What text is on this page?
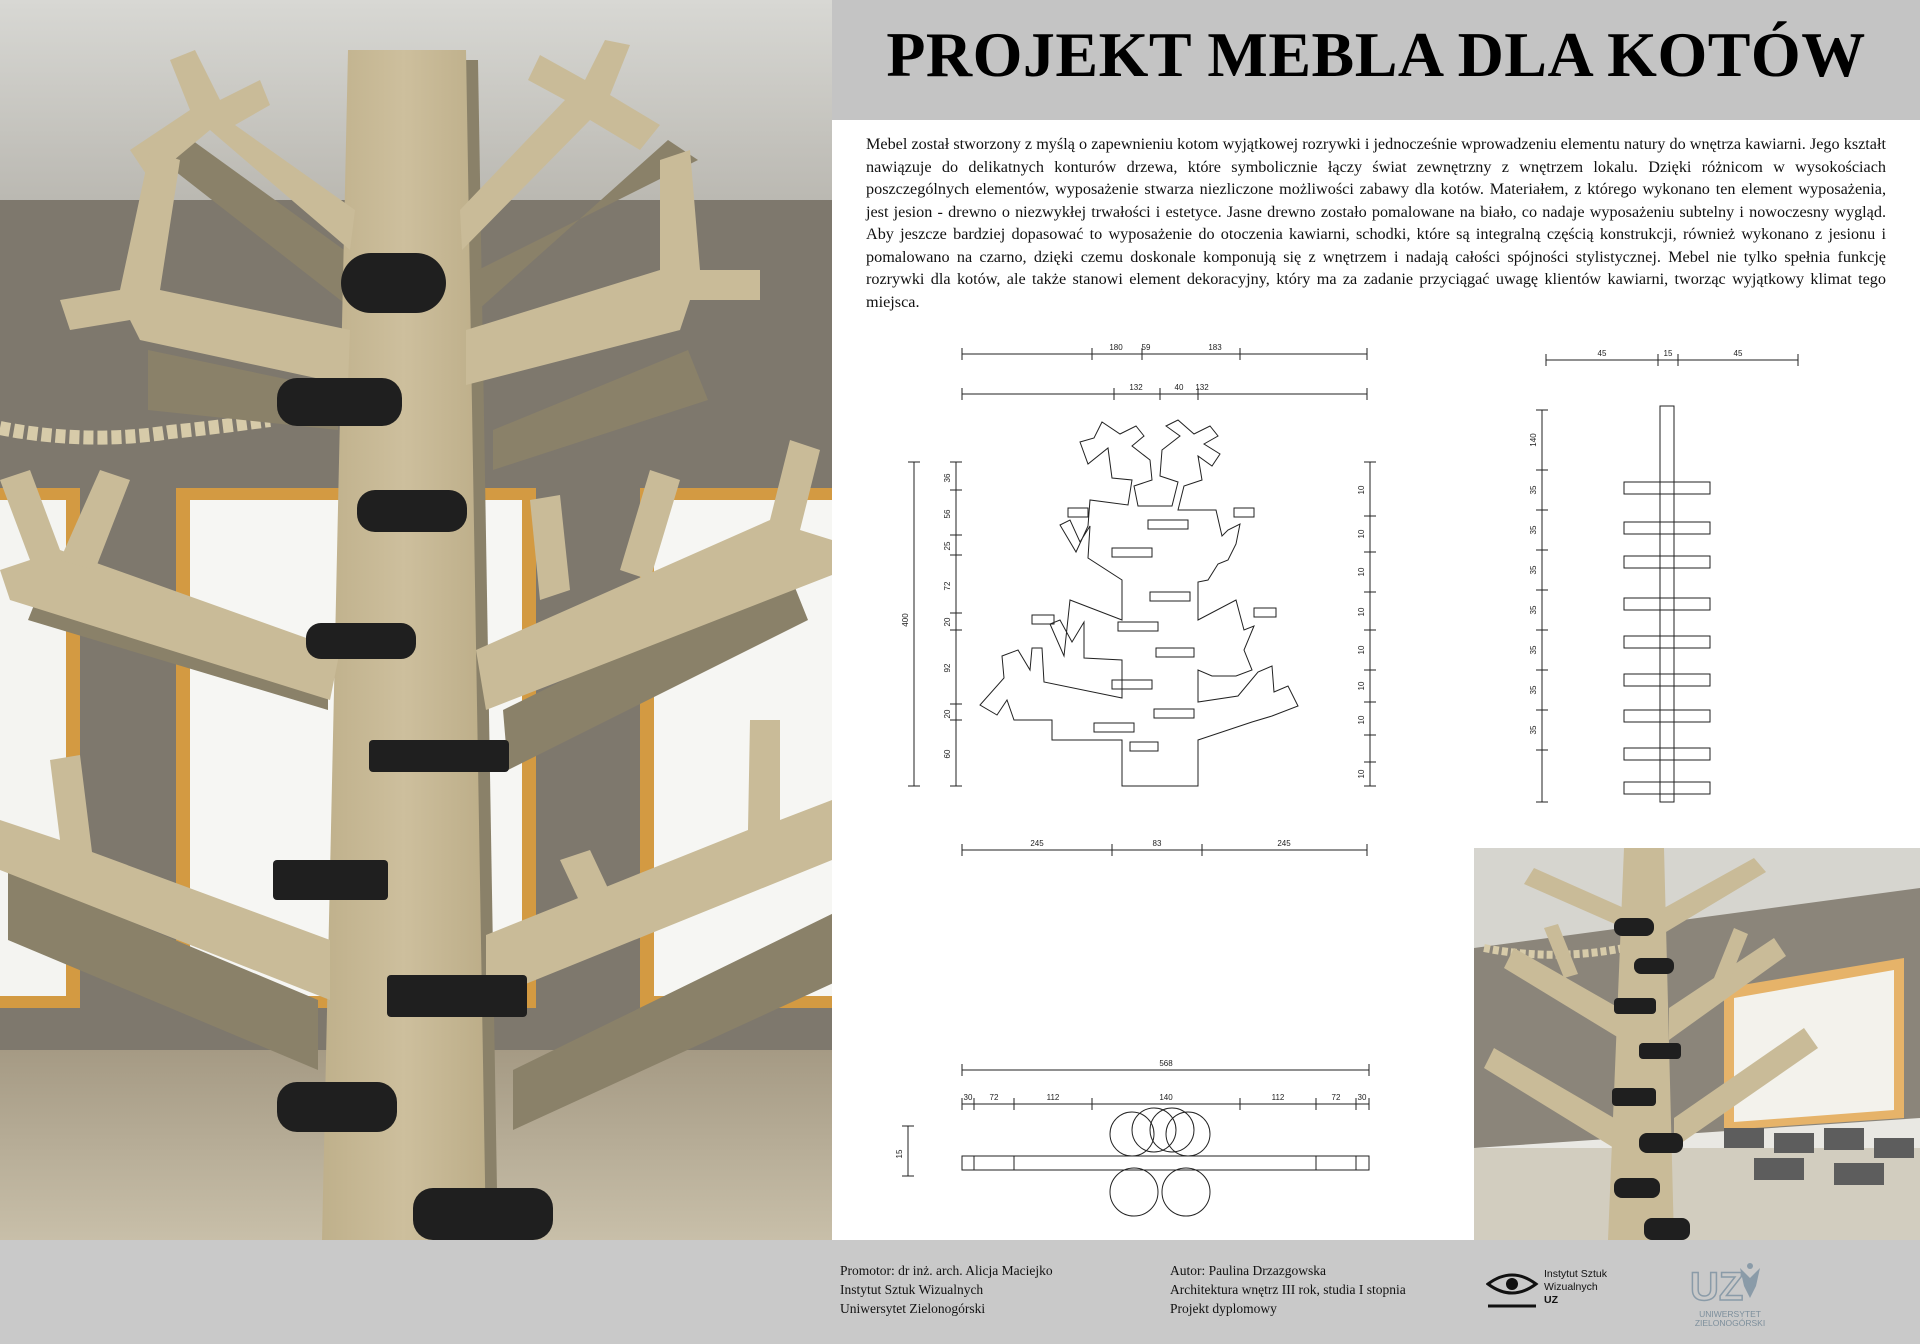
PROJEKT MEBLA DLA KOTÓW

Mebel został stworzony z myślą o zapewnieniu kotom wyjątkowej rozrywki i jednocześnie wprowadzeniu elementu natury do wnętrza kawiarni. Jego kształt nawiązuje do delikatnych konturów drzewa, które symbolicznie łączy świat zewnętrzny z wnętrzem lokalu. Dzięki różnicom w wysokościach poszczególnych elementów, wyposażenie stwarza niezliczone możliwości zabawy dla kotów. Materiałem, z którego wykonano ten element wyposażenia, jest jesion - drewno o niezwykłej trwałości i estetyce. Jasne drewno zostało pomalowane na biało, co nadaje wyposażeniu subtelny i nowoczesny wygląd. Aby jeszcze bardziej dopasować to wyposażenie do otoczenia kawiarni, schodki, które są integralną częścią konstrukcji, również wykonano z jesionu i pomalowano na czarno, dzięki czemu doskonale komponują się z wnętrzem i nadają całości spójności stylistycznej. Mebel nie tylko spełnia funkcję rozrywki dla kotów, ale także stanowi element dekoracyjny, który ma za zadanie przyciągać uwagę klientów kawiarni, tworząc wyjątkowy klimat tego miejsca.

180 59	183
132	40 132
400
36
56
25
72
20
92
20
60
10
10
10
10
10
10
10
10
245	83	245
45	15	45
140
35
35
35
35
35
35
35
568
30 72	112	140	112	72 30
15
Promotor: dr inż. arch. Alicja Maciejko
Instytut Sztuk Wizualnych
Uniwersytet Zielonogórski
Autor: Paulina Drzazgowska
Architektura wnętrz III rok, studia I stopnia
Projekt dyplomowy
Instytut Sztuk
Wizualnych
UZ	UZ
UNIWERSYTET
ZIELONOGÓRSKI
